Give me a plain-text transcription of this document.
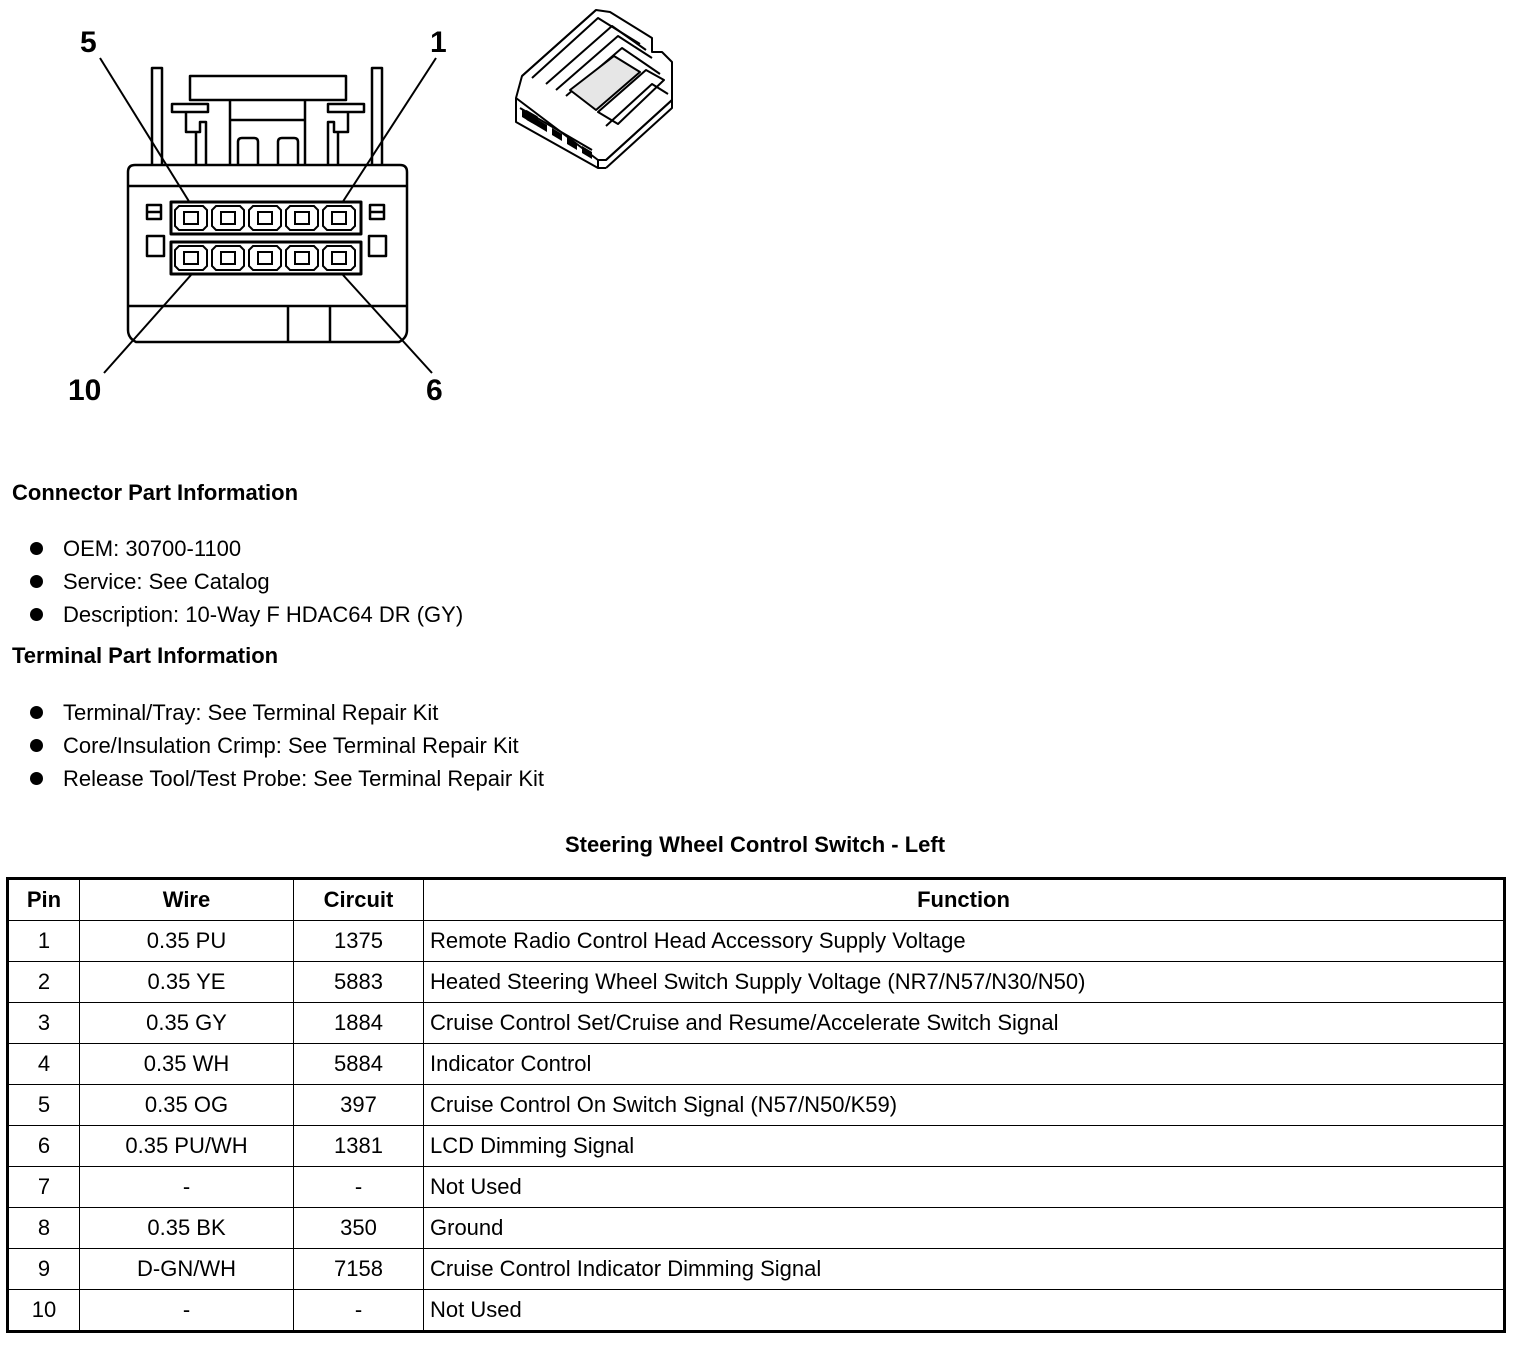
5	1
10	6
Connector Part Information
OEM: 30700-1100
Service: See Catalog
Description: 10-Way F HDAC64 DR (GY)
Terminal Part Information
Terminal/Tray: See Terminal Repair Kit
Core/Insulation Crimp: See Terminal Repair Kit
Release Tool/Test Probe: See Terminal Repair Kit
Steering Wheel Control Switch - Left
Pin	Wire	Circuit	Function
1	0.35 PU	1375	Remote Radio Control Head Accessory Supply Voltage
2	0.35 YE	5883	Heated Steering Wheel Switch Supply Voltage (NR7/N57/N30/N50)
3	0.35 GY	1884	Cruise Control Set/Cruise and Resume/Accelerate Switch Signal
4	0.35 WH	5884	Indicator Control
5	0.35 OG	397	Cruise Control On Switch Signal (N57/N50/K59)
6	0.35 PU/WH	1381	LCD Dimming Signal
7	-	-	Not Used
8	0.35 BK	350	Ground
9	D-GN/WH	7158	Cruise Control Indicator Dimming Signal
10	-	-	Not Used
